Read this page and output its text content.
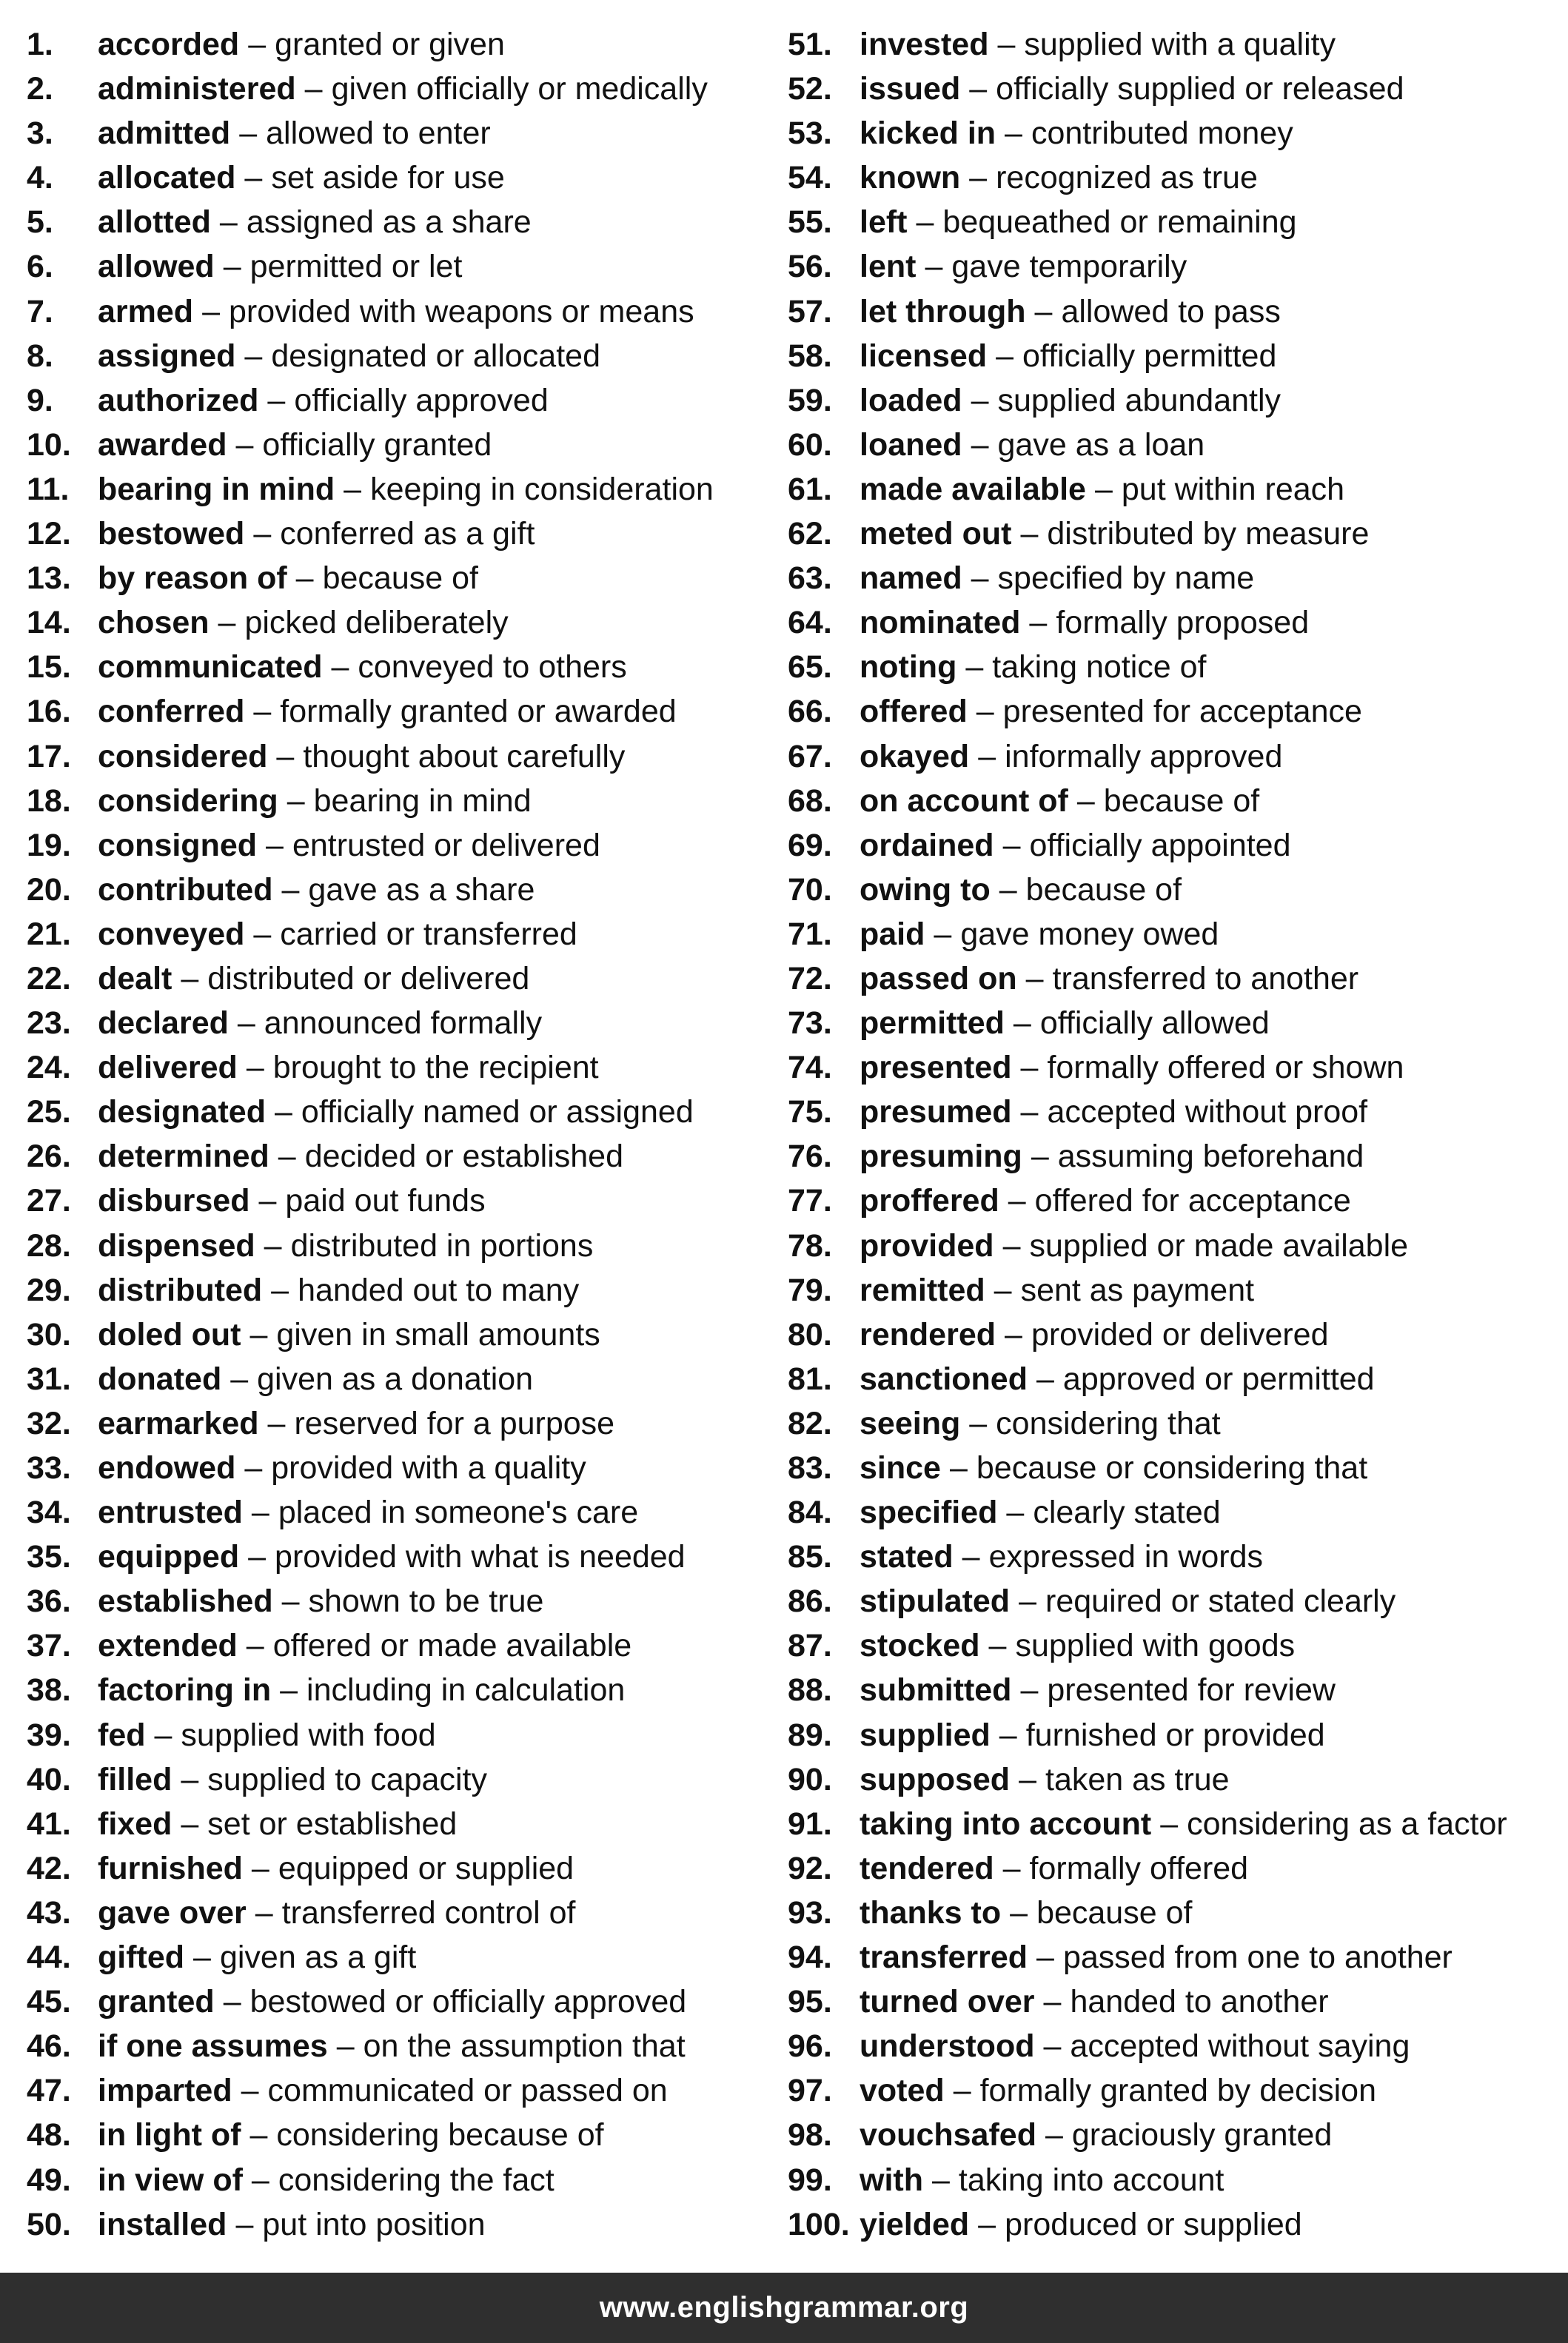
1.	accorded – granted or given
2.	administered – given officially or medically
3.	admitted – allowed to enter
4.	allocated – set aside for use
5.	allotted – assigned as a share
6.	allowed – permitted or let
7.	armed – provided with weapons or means
8.	assigned – designated or allocated
9.	authorized – officially approved
10. awarded – officially granted
11. bearing in mind – keeping in consideration
12. bestowed – conferred as a gift
13. by reason of – because of
14. chosen – picked deliberately
15. communicated – conveyed to others
16. conferred – formally granted or awarded
17. considered – thought about carefully
18. considering – bearing in mind
19. consigned – entrusted or delivered
20. contributed – gave as a share
21. conveyed – carried or transferred
22. dealt – distributed or delivered
23. declared – announced formally
24. delivered – brought to the recipient
25. designated – officially named or assigned
26. determined – decided or established
27. disbursed – paid out funds
28. dispensed – distributed in portions
29. distributed – handed out to many
30. doled out – given in small amounts
31. donated – given as a donation
32. earmarked – reserved for a purpose
33. endowed – provided with a quality
34. entrusted – placed in someone's care
35. equipped – provided with what is needed
36. established – shown to be true
37. extended – offered or made available
38. factoring in – including in calculation
39. fed – supplied with food
40. filled – supplied to capacity
41. fixed – set or established
42. furnished – equipped or supplied
43. gave over – transferred control of
44. gifted – given as a gift
45. granted – bestowed or officially approved
46. if one assumes – on the assumption that
47. imparted – communicated or passed on
48. in light of – considering because of
49. in view of – considering the fact
50. installed – put into position
51. invested – supplied with a quality
52. issued – officially supplied or released
53. kicked in – contributed money
54. known – recognized as true
55. left – bequeathed or remaining
56. lent – gave temporarily
57. let through – allowed to pass
58. licensed – officially permitted
59. loaded – supplied abundantly
60. loaned – gave as a loan
61. made available – put within reach
62. meted out – distributed by measure
63. named – specified by name
64. nominated – formally proposed
65. noting – taking notice of
66. offered – presented for acceptance
67. okayed – informally approved
68. on account of – because of
69. ordained – officially appointed
70. owing to – because of
71. paid – gave money owed
72. passed on – transferred to another
73. permitted – officially allowed
74. presented – formally offered or shown
75. presumed – accepted without proof
76. presuming – assuming beforehand
77. proffered – offered for acceptance
78. provided – supplied or made available
79. remitted – sent as payment
80. rendered – provided or delivered
81. sanctioned – approved or permitted
82. seeing – considering that
83. since – because or considering that
84. specified – clearly stated
85. stated – expressed in words
86. stipulated – required or stated clearly
87. stocked – supplied with goods
88. submitted – presented for review
89. supplied – furnished or provided
90. supposed – taken as true
91. taking into account – considering as a factor
92. tendered – formally offered
93. thanks to – because of
94. transferred – passed from one to another
95. turned over – handed to another
96. understood – accepted without saying
97. voted – formally granted by decision
98. vouchsafed – graciously granted
99. with – taking into account
100. yielded – produced or supplied
www.englishgrammar.org
